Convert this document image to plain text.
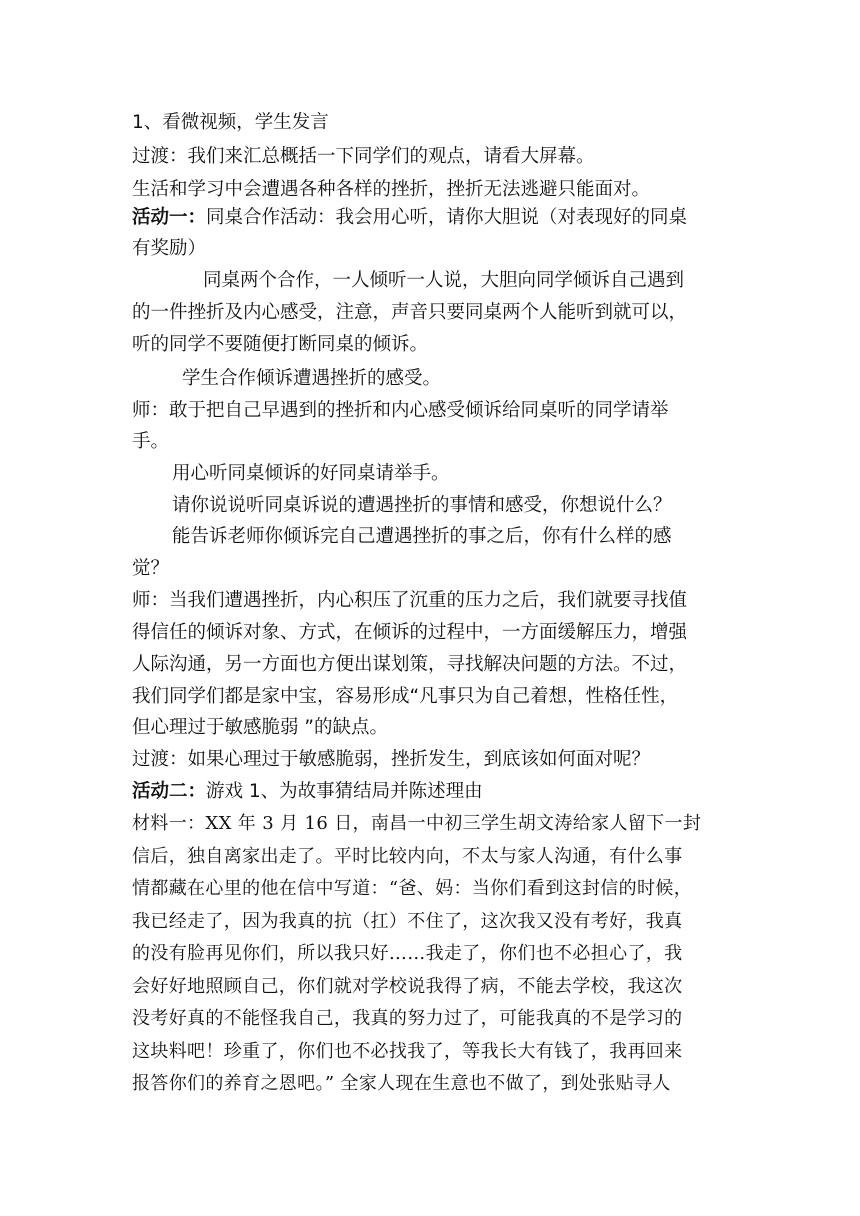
1、看微视频，学生发言
过渡：我们来汇总概括一下同学们的观点，请看大屏幕。
生活和学习中会遭遇各种各样的挫折，挫折无法逃避只能面对。
活动一：同桌合作活动：我会用心听，请你大胆说（对表现好的同桌
有奖励）
同桌两个合作，一人倾听一人说，大胆向同学倾诉自己遇到
的一件挫折及内心感受，注意，声音只要同桌两个人能听到就可以，
听的同学不要随便打断同桌的倾诉。
学生合作倾诉遭遇挫折的感受。
师：敢于把自己早遇到的挫折和内心感受倾诉给同桌听的同学请举
手。
用心听同桌倾诉的好同桌请举手。
请你说说听同桌诉说的遭遇挫折的事情和感受，你想说什么？
能告诉老师你倾诉完自己遭遇挫折的事之后，你有什么样的感
觉？
师：当我们遭遇挫折，内心积压了沉重的压力之后，我们就要寻找值
得信任的倾诉对象、方式，在倾诉的过程中，一方面缓解压力，增强
人际沟通，另一方面也方便出谋划策，寻找解决问题的方法。不过，
我们同学们都是家中宝，容易形成“凡事只为自己着想，性格任性，
但心理过于敏感脆弱 ”的缺点。
过渡：如果心理过于敏感脆弱，挫折发生，到底该如何面对呢？
活动二：游戏 1、为故事猜结局并陈述理由
材料一：XX 年 3 月 16 日，南昌一中初三学生胡文涛给家人留下一封
信后，独自离家出走了。平时比较内向，不太与家人沟通，有什么事
情都藏在心里的他在信中写道：“爸、妈：当你们看到这封信的时候，
我已经走了，因为我真的抗（扛）不住了，这次我又没有考好，我真
的没有脸再见你们，所以我只好……我走了，你们也不必担心了，我
会好好地照顾自己，你们就对学校说我得了病，不能去学校，我这次
没考好真的不能怪我自己，我真的努力过了，可能我真的不是学习的
这块料吧！珍重了，你们也不必找我了，等我长大有钱了，我再回来
报答你们的养育之恩吧。” 全家人现在生意也不做了，到处张贴寻人
